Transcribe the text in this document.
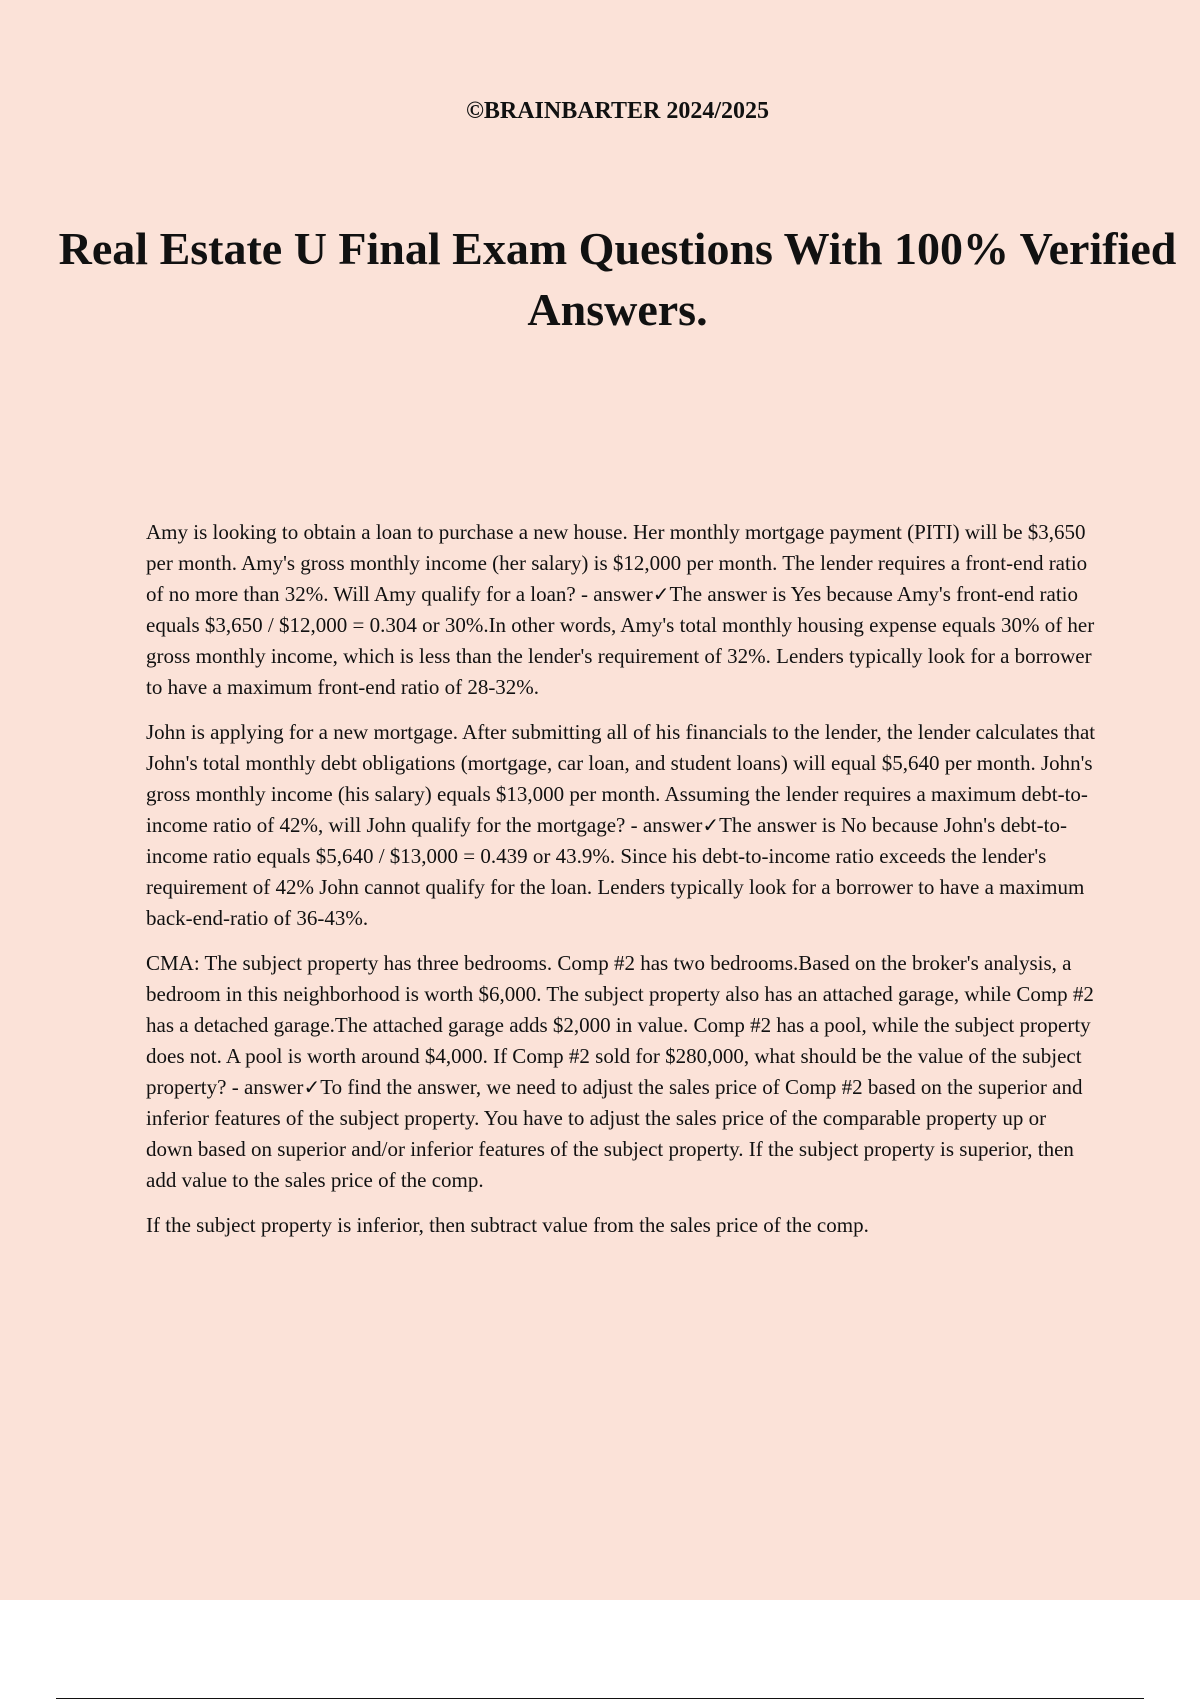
©BRAINBARTER 2024/2025

Real Estate U Final Exam Questions With 100% Verified Answers.

Amy is looking to obtain a loan to purchase a new house. Her monthly mortgage payment (PITI) will be $3,650 per month. Amy's gross monthly income (her salary) is $12,000 per month. The lender requires a front-end ratio of no more than 32%. Will Amy qualify for a loan? - answer✓The answer is Yes because Amy's front-end ratio equals $3,650 / $12,000 = 0.304 or 30%.In other words, Amy's total monthly housing expense equals 30% of her gross monthly income, which is less than the lender's requirement of 32%. Lenders typically look for a borrower to have a maximum front-end ratio of 28-32%.

John is applying for a new mortgage. After submitting all of his financials to the lender, the lender calculates that John's total monthly debt obligations (mortgage, car loan, and student loans) will equal $5,640 per month. John's gross monthly income (his salary) equals $13,000 per month. Assuming the lender requires a maximum debt-to-income ratio of 42%, will John qualify for the mortgage? - answer✓The answer is No because John's debt-to-income ratio equals $5,640 / $13,000 = 0.439 or 43.9%. Since his debt-to-income ratio exceeds the lender's requirement of 42% John cannot qualify for the loan. Lenders typically look for a borrower to have a maximum back-end-ratio of 36-43%.

CMA: The subject property has three bedrooms. Comp #2 has two bedrooms.Based on the broker's analysis, a bedroom in this neighborhood is worth $6,000. The subject property also has an attached garage, while Comp #2 has a detached garage.The attached garage adds $2,000 in value. Comp #2 has a pool, while the subject property does not. A pool is worth around $4,000. If Comp #2 sold for $280,000, what should be the value of the subject property? - answer✓To find the answer, we need to adjust the sales price of Comp #2 based on the superior and inferior features of the subject property. You have to adjust the sales price of the comparable property up or down based on superior and/or inferior features of the subject property. If the subject property is superior, then add value to the sales price of the comp.

If the subject property is inferior, then subtract value from the sales price of the comp.
